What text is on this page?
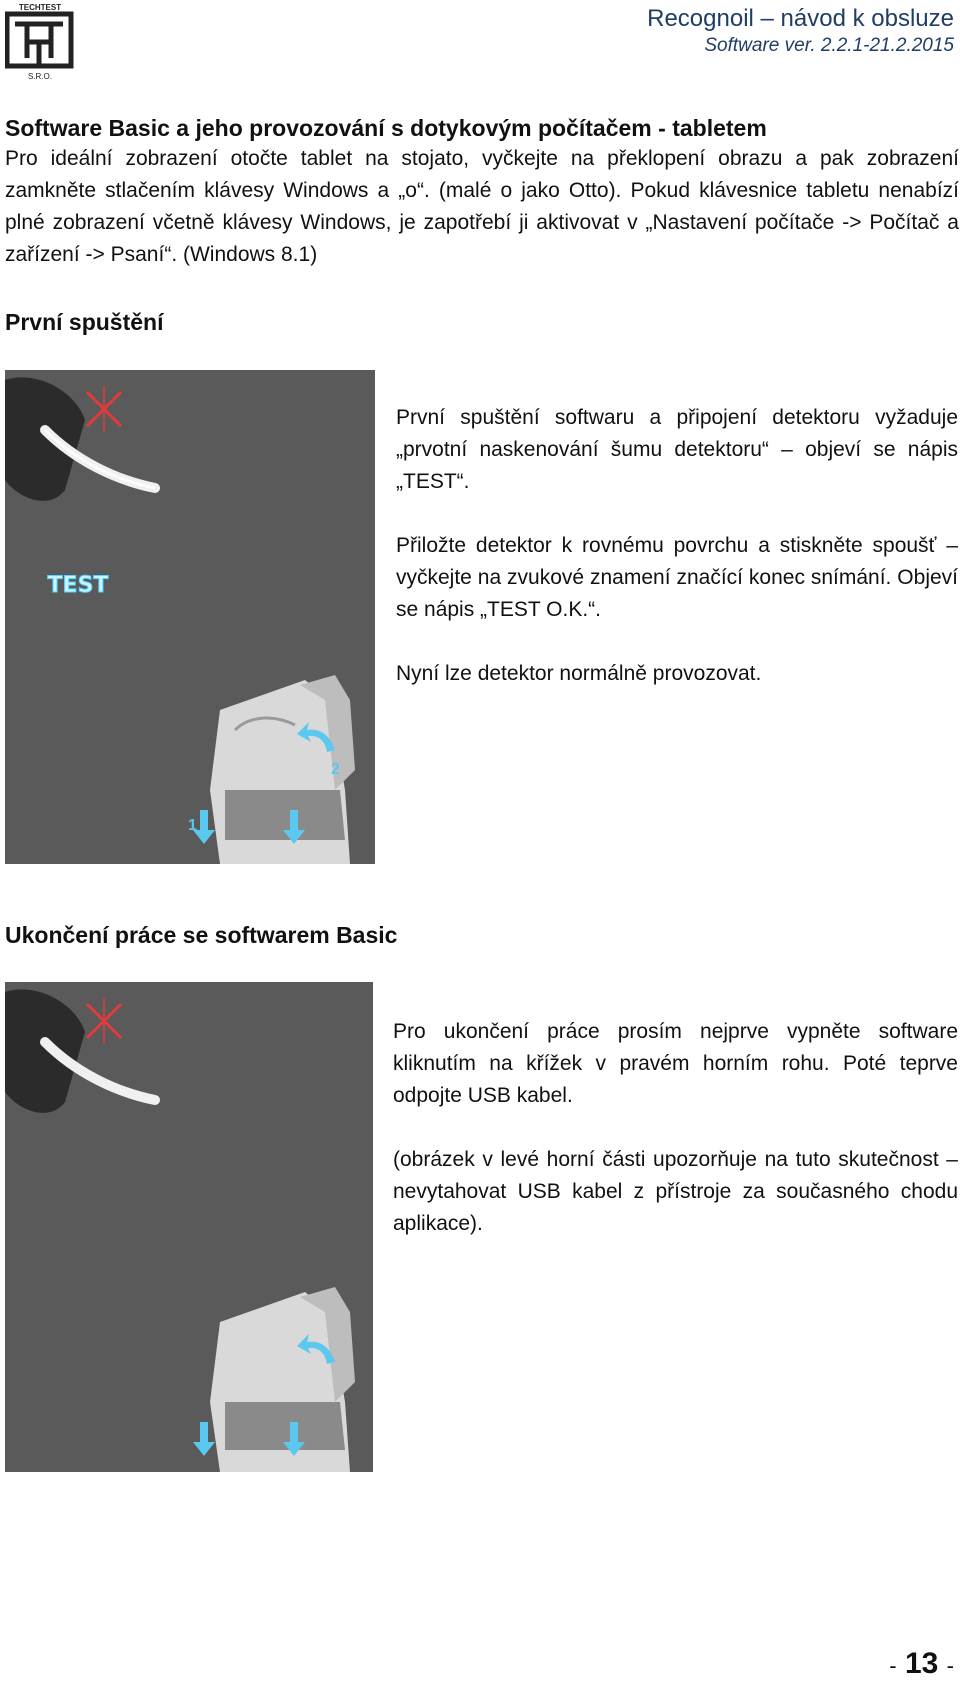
TECHTEST
S.R.O.
Recognoil – návod k obsluze
Software ver. 2.2.1-21.2.2015
Software Basic a jeho provozování s dotykovým počítačem - tabletem
Pro ideální zobrazení otočte tablet na stojato, vyčkejte na překlopení obrazu a pak zobrazení zamkněte stlačením klávesy Windows a „o“. (malé o jako Otto). Pokud klávesnice tabletu nenabízí plné zobrazení včetně klávesy Windows, je zapotřebí ji aktivovat v „Nastavení počítače -> Počítač a zařízení -> Psaní“. (Windows 8.1)
První spuštění
TEST
1
2

První spuštění softwaru a připojení detektoru vyžaduje „prvotní naskenování šumu detektoru“ – objeví se nápis „TEST“.

Přiložte detektor k rovnému povrchu a stiskněte spoušť – vyčkejte na zvukové znamení značící konec snímání. Objeví se nápis „TEST O.K.“.

Nyní lze detektor normálně provozovat.

Ukončení práce se softwarem Basic

Pro ukončení práce prosím nejprve vypněte software kliknutím na křížek v pravém horním rohu. Poté teprve odpojte USB kabel.

(obrázek v levé horní části upozorňuje na tuto skutečnost – nevytahovat USB kabel z přístroje za současného chodu aplikace).

- 13 -
